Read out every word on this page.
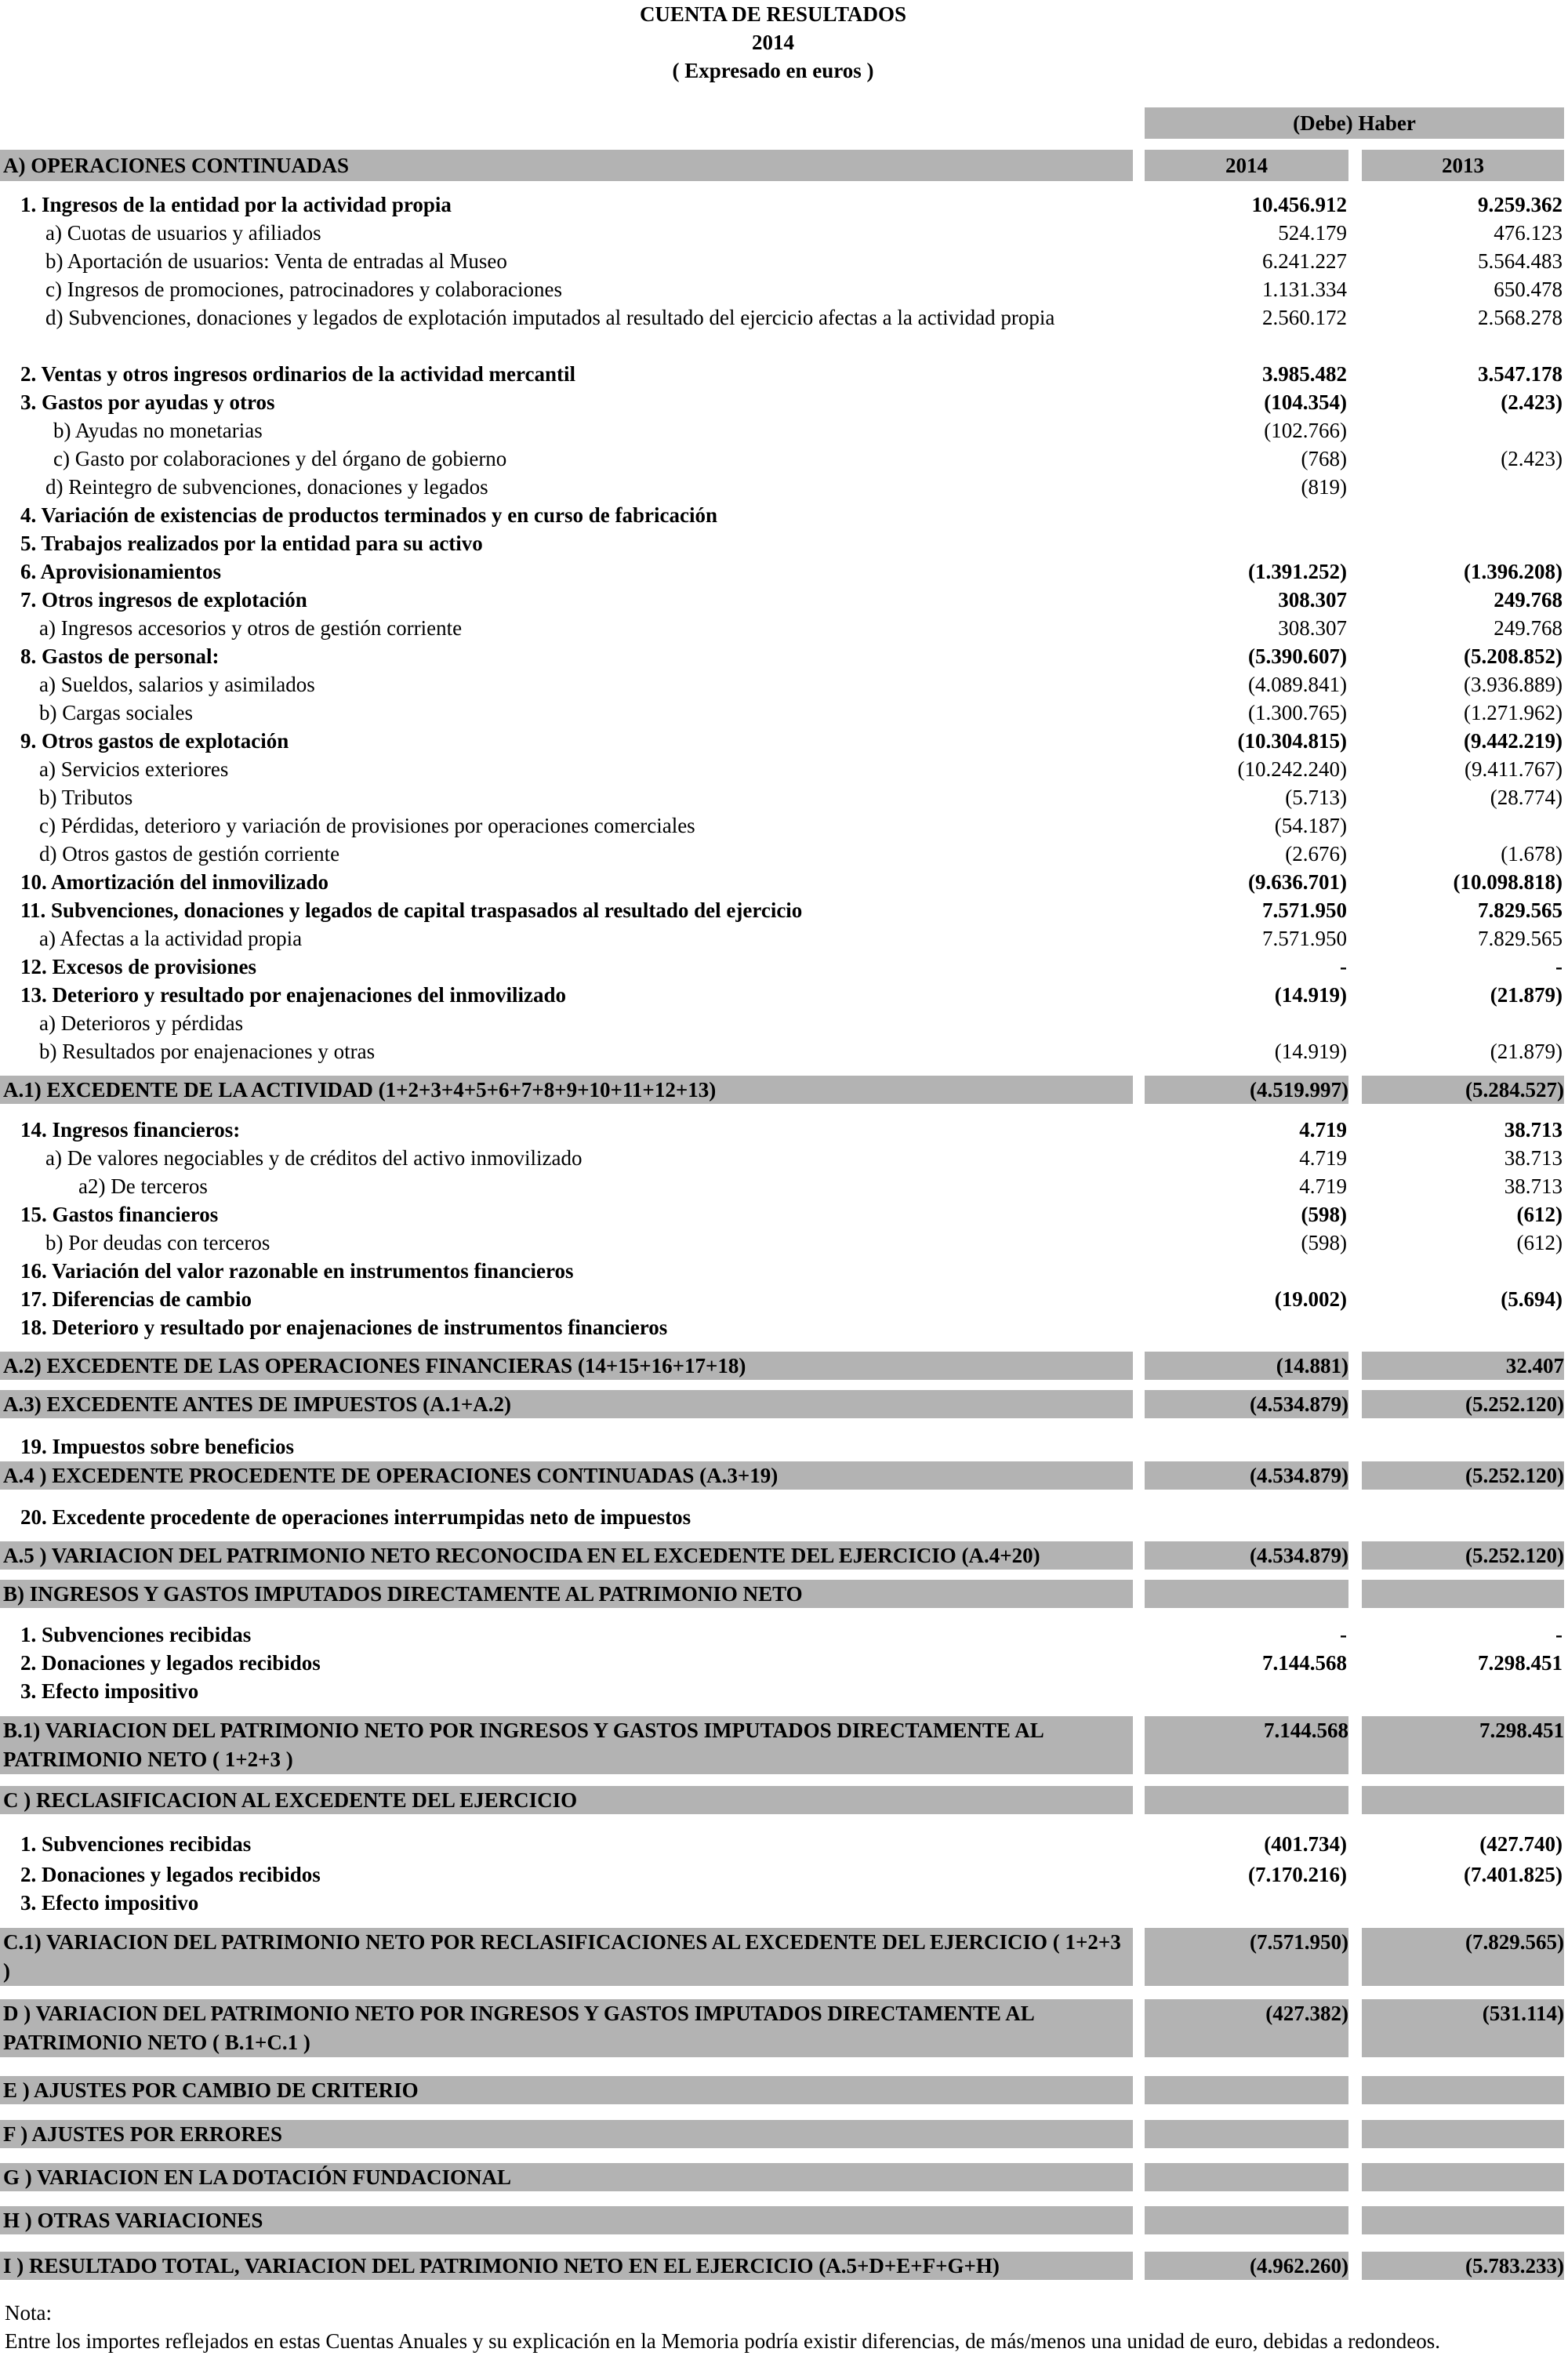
CUENTA DE RESULTADOS
2014
( Expresado en euros )
(Debe) Haber
A) OPERACIONES CONTINUADAS	2014	2013
1. Ingresos de la entidad por la actividad propia	10.456.912	9.259.362
a) Cuotas de usuarios y afiliados	524.179	476.123
b) Aportación de usuarios: Venta de entradas al Museo	6.241.227	5.564.483
c) Ingresos de promociones, patrocinadores y colaboraciones	1.131.334	650.478
d) Subvenciones, donaciones y legados de explotación imputados al resultado del ejercicio afectas a la actividad propia	2.560.172	2.568.278
2. Ventas y otros ingresos ordinarios de la actividad mercantil	3.985.482	3.547.178
3. Gastos por ayudas y otros	(104.354)	(2.423)
b) Ayudas no monetarias	(102.766)
c) Gasto por colaboraciones y del órgano de gobierno	(768)	(2.423)
d) Reintegro de subvenciones, donaciones y legados	(819)
4. Variación de existencias de productos terminados y en curso de fabricación
5. Trabajos realizados por la entidad para su activo
6. Aprovisionamientos	(1.391.252)	(1.396.208)
7. Otros ingresos de explotación	308.307	249.768
a) Ingresos accesorios y otros de gestión corriente	308.307	249.768
8. Gastos de personal:	(5.390.607)	(5.208.852)
a) Sueldos, salarios y asimilados	(4.089.841)	(3.936.889)
b) Cargas sociales	(1.300.765)	(1.271.962)
9. Otros gastos de explotación	(10.304.815)	(9.442.219)
a) Servicios exteriores	(10.242.240)	(9.411.767)
b) Tributos	(5.713)	(28.774)
c) Pérdidas, deterioro y variación de provisiones por operaciones comerciales	(54.187)
d) Otros gastos de gestión corriente	(2.676)	(1.678)
10. Amortización del inmovilizado	(9.636.701)	(10.098.818)
11. Subvenciones, donaciones y legados de capital traspasados al resultado del ejercicio	7.571.950	7.829.565
a) Afectas a la actividad propia	7.571.950	7.829.565
12. Excesos de provisiones	-	-
13. Deterioro y resultado por enajenaciones del inmovilizado	(14.919)	(21.879)
a) Deterioros y pérdidas
b) Resultados por enajenaciones y otras	(14.919)	(21.879)
A.1) EXCEDENTE DE LA ACTIVIDAD (1+2+3+4+5+6+7+8+9+10+11+12+13)	(4.519.997)	(5.284.527)
14. Ingresos financieros:	4.719	38.713
a) De valores negociables y de créditos del activo inmovilizado	4.719	38.713
a2) De terceros	4.719	38.713
15. Gastos financieros	(598)	(612)
b) Por deudas con terceros	(598)	(612)
16. Variación del valor razonable en instrumentos financieros
17. Diferencias de cambio	(19.002)	(5.694)
18. Deterioro y resultado por enajenaciones de instrumentos financieros
A.2) EXCEDENTE DE LAS OPERACIONES FINANCIERAS (14+15+16+17+18)	(14.881)	32.407
A.3) EXCEDENTE ANTES DE IMPUESTOS (A.1+A.2)	(4.534.879)	(5.252.120)
19. Impuestos sobre beneficios
A.4 ) EXCEDENTE PROCEDENTE DE OPERACIONES CONTINUADAS (A.3+19)	(4.534.879)	(5.252.120)
20. Excedente procedente de operaciones interrumpidas neto de impuestos
A.5 ) VARIACION DEL PATRIMONIO NETO RECONOCIDA EN EL EXCEDENTE DEL EJERCICIO (A.4+20)	(4.534.879)	(5.252.120)
B) INGRESOS Y GASTOS IMPUTADOS DIRECTAMENTE AL PATRIMONIO NETO
1. Subvenciones recibidas	-	-
2. Donaciones y legados recibidos	7.144.568	7.298.451
3. Efecto impositivo
B.1) VARIACION DEL PATRIMONIO NETO POR INGRESOS Y GASTOS IMPUTADOS DIRECTAMENTE AL PATRIMONIO NETO ( 1+2+3 )
7.144.568	7.298.451
C ) RECLASIFICACION AL EXCEDENTE DEL EJERCICIO
1. Subvenciones recibidas	(401.734)	(427.740)
2. Donaciones y legados recibidos	(7.170.216)	(7.401.825)
3. Efecto impositivo
C.1) VARIACION DEL PATRIMONIO NETO POR RECLASIFICACIONES AL EXCEDENTE DEL EJERCICIO ( 1+2+3 )
(7.571.950)	(7.829.565)
D ) VARIACION DEL PATRIMONIO NETO POR INGRESOS Y GASTOS IMPUTADOS DIRECTAMENTE AL PATRIMONIO NETO ( B.1+C.1 )
(427.382)	(531.114)
E ) AJUSTES POR CAMBIO DE CRITERIO
F ) AJUSTES POR ERRORES
G ) VARIACION EN LA DOTACIÓN FUNDACIONAL
H ) OTRAS VARIACIONES
I ) RESULTADO TOTAL, VARIACION DEL PATRIMONIO NETO EN EL EJERCICIO (A.5+D+E+F+G+H)	(4.962.260)	(5.783.233)
Nota:
Entre los importes reflejados en estas Cuentas Anuales y su explicación en la Memoria podría existir diferencias, de más/menos una unidad de euro, debidas a redondeos.
